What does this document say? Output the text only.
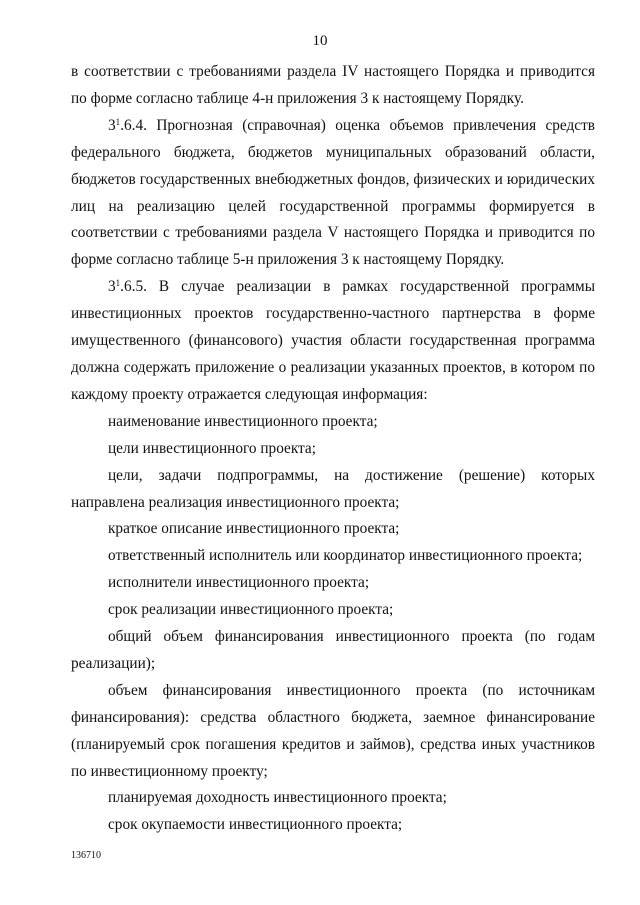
10

в соответствии с требованиями раздела IV настоящего Порядка и приводится по форме согласно таблице 4-н приложения 3 к настоящему Порядку.

$3^1.6.4$. Прогнозная (справочная) оценка объемов привлечения средств федерального бюджета, бюджетов муниципальных образований области, бюджетов государственных внебюджетных фондов, физических и юридических лиц на реализацию целей государственной программы формируется в соответствии с требованиями раздела V настоящего Порядка и приводится по форме согласно таблице 5-н приложения 3 к настоящему Порядку.

$3^1.6.5$. В случае реализации в рамках государственной программы инвестиционных проектов государственно-частного партнерства в форме имущественного (финансового) участия области государственная программа должна содержать приложение о реализации указанных проектов, в котором по каждому проекту отражается следующая информация:

наименование инвестиционного проекта;

цели инвестиционного проекта;

цели, задачи подпрограммы, на достижение (решение) которых направлена реализация инвестиционного проекта;

краткое описание инвестиционного проекта;

ответственный исполнитель или координатор инвестиционного проекта;

исполнители инвестиционного проекта;

срок реализации инвестиционного проекта;

общий объем финансирования инвестиционного проекта (по годам реализации);

объем финансирования инвестиционного проекта (по источникам финансирования): средства областного бюджета, заемное финансирование (планируемый срок погашения кредитов и займов), средства иных участников по инвестиционному проекту;

планируемая доходность инвестиционного проекта;

срок окупаемости инвестиционного проекта;

136710
